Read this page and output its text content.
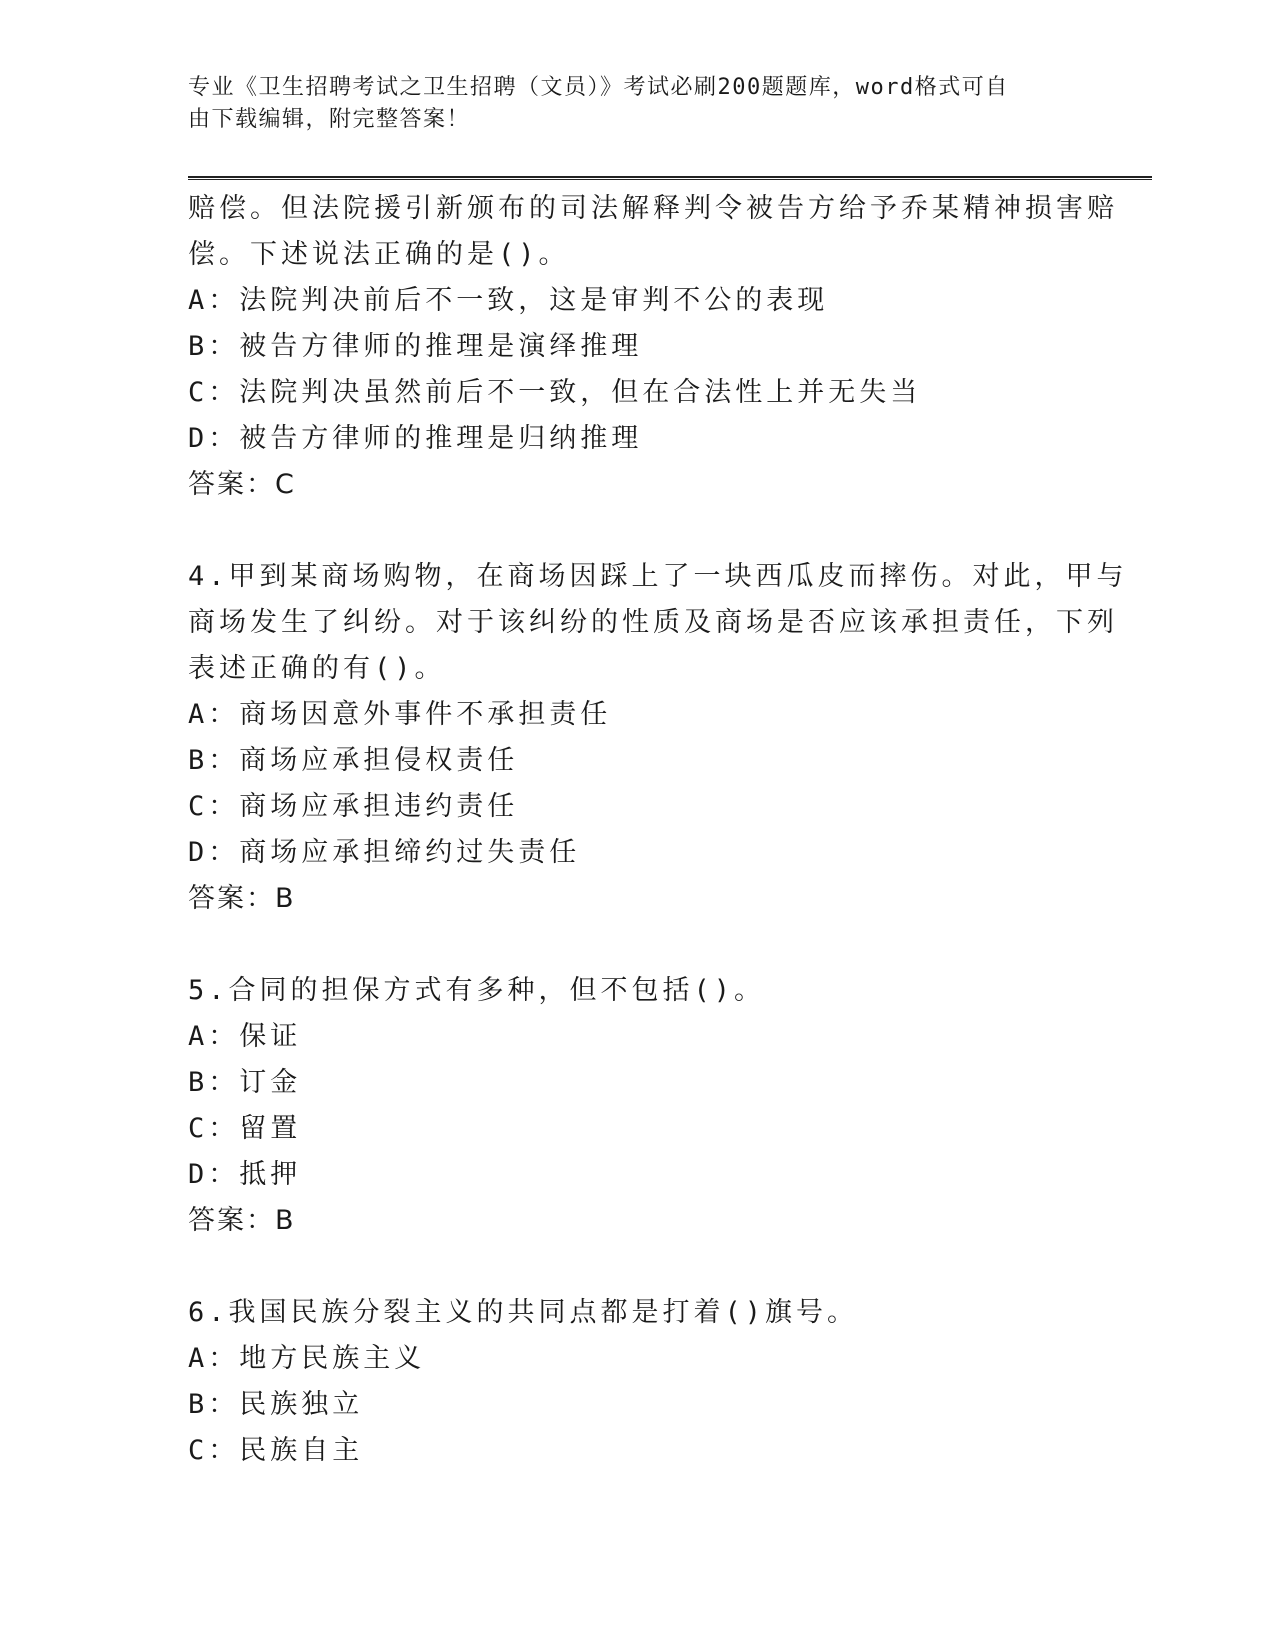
专业《卫生招聘考试之卫生招聘（文员）》考试必刷200题题库，word格式可自
由下载编辑，附完整答案！
赔偿。但法院援引新颁布的司法解释判令被告方给予乔某精神损害赔
偿。下述说法正确的是()。
A：法院判决前后不一致，这是审判不公的表现
B：被告方律师的推理是演绎推理
C：法院判决虽然前后不一致，但在合法性上并无失当
D：被告方律师的推理是归纳推理
答案：C
4.甲到某商场购物，在商场因踩上了一块西瓜皮而摔伤。对此，甲与
商场发生了纠纷。对于该纠纷的性质及商场是否应该承担责任，下列
表述正确的有()。
A：商场因意外事件不承担责任
B：商场应承担侵权责任
C：商场应承担违约责任
D：商场应承担缔约过失责任
答案：B
5.合同的担保方式有多种，但不包括()。
A：保证
B：订金
C：留置
D：抵押
答案：B
6.我国民族分裂主义的共同点都是打着()旗号。
A：地方民族主义
B：民族独立
C：民族自主
